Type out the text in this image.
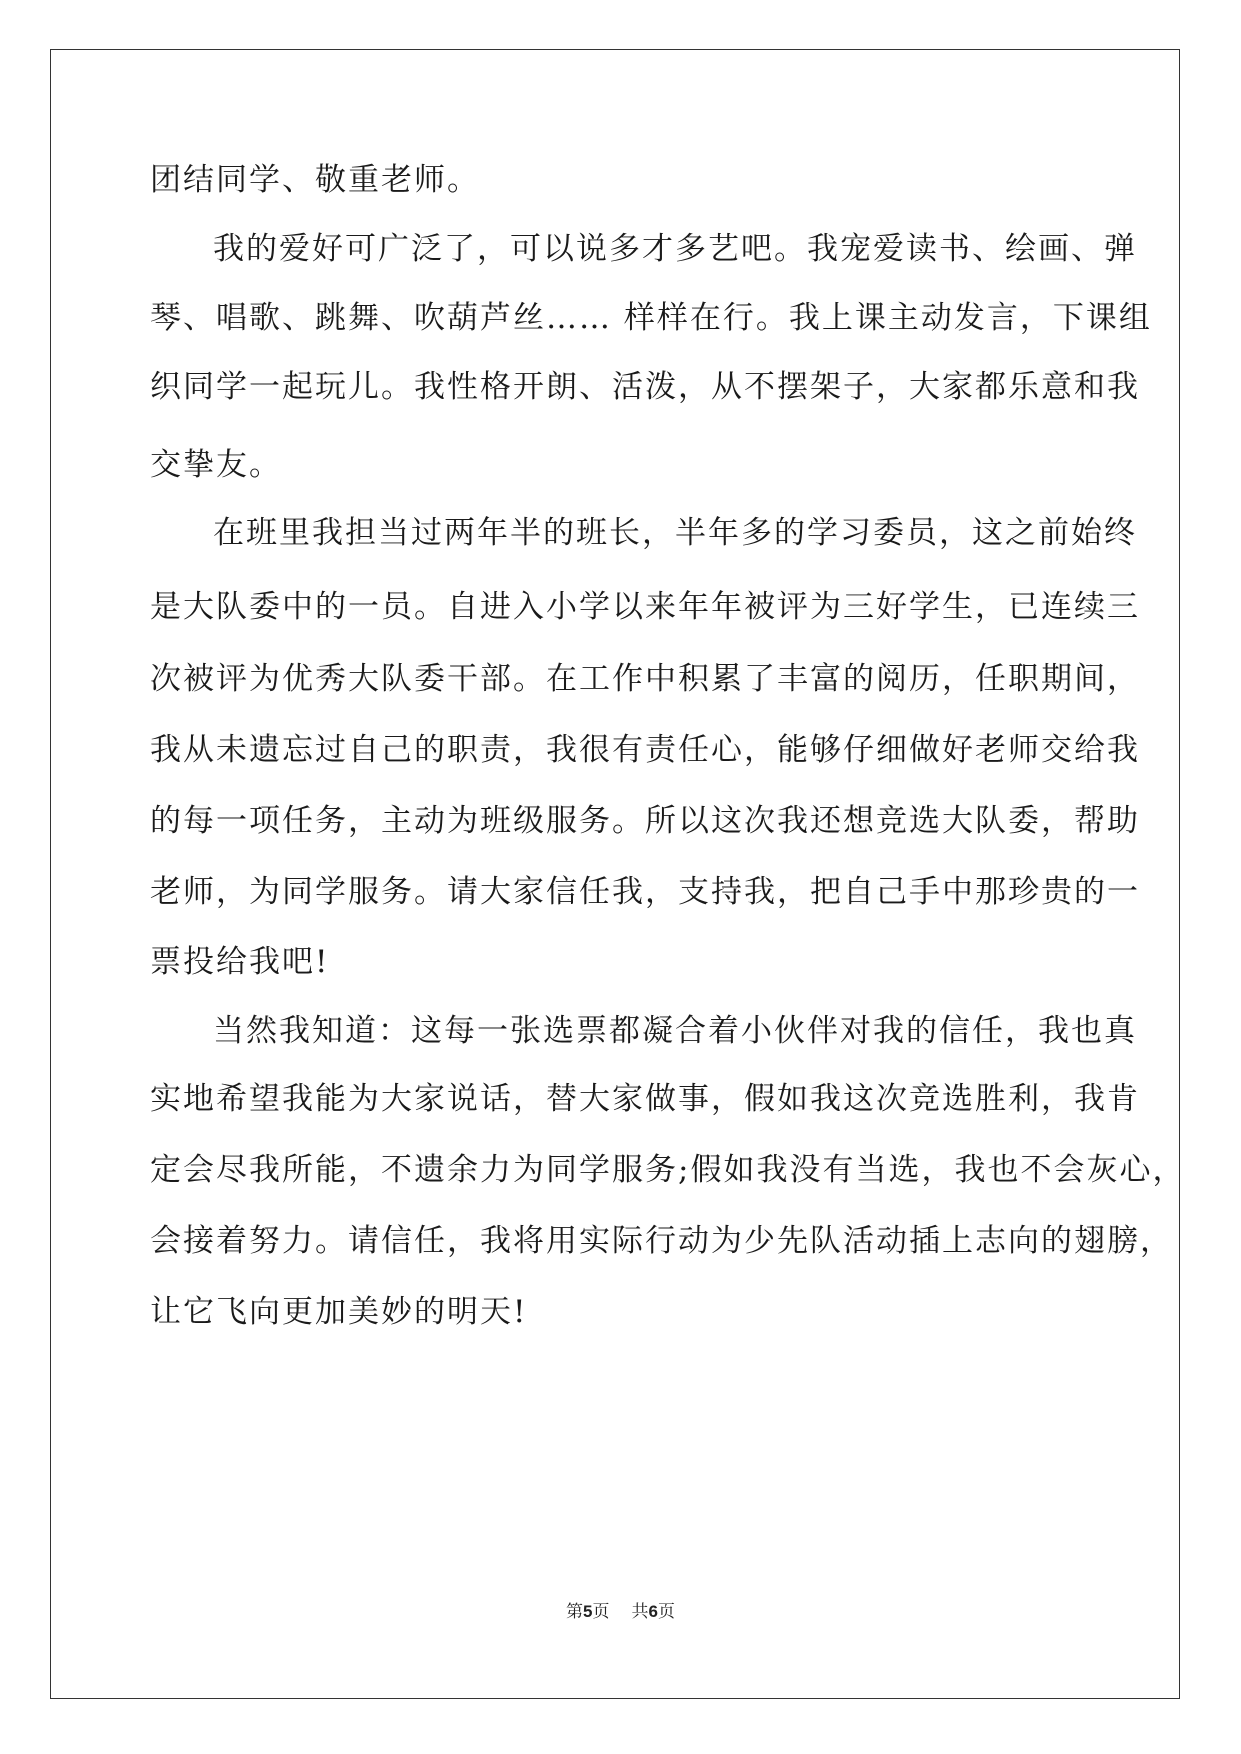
团结同学、敬重老师。
我的爱好可广泛了，可以说多才多艺吧。我宠爱读书、绘画、弹
琴、唱歌、跳舞、吹葫芦丝…… 样样在行。我上课主动发言，下课组
织同学一起玩儿。我性格开朗、活泼，从不摆架子，大家都乐意和我
交挚友。
在班里我担当过两年半的班长，半年多的学习委员，这之前始终
是大队委中的一员。自进入小学以来年年被评为三好学生，已连续三
次被评为优秀大队委干部。在工作中积累了丰富的阅历，任职期间，
我从未遗忘过自己的职责，我很有责任心，能够仔细做好老师交给我
的每一项任务，主动为班级服务。所以这次我还想竞选大队委，帮助
老师，为同学服务。请大家信任我，支持我，把自己手中那珍贵的一
票投给我吧!
当然我知道：这每一张选票都凝合着小伙伴对我的信任，我也真
实地希望我能为大家说话，替大家做事，假如我这次竞选胜利，我肯
定会尽我所能，不遗余力为同学服务;假如我没有当选，我也不会灰心，
会接着努力。请信任，我将用实际行动为少先队活动插上志向的翅膀，
让它飞向更加美妙的明天!
第5页 共6页
